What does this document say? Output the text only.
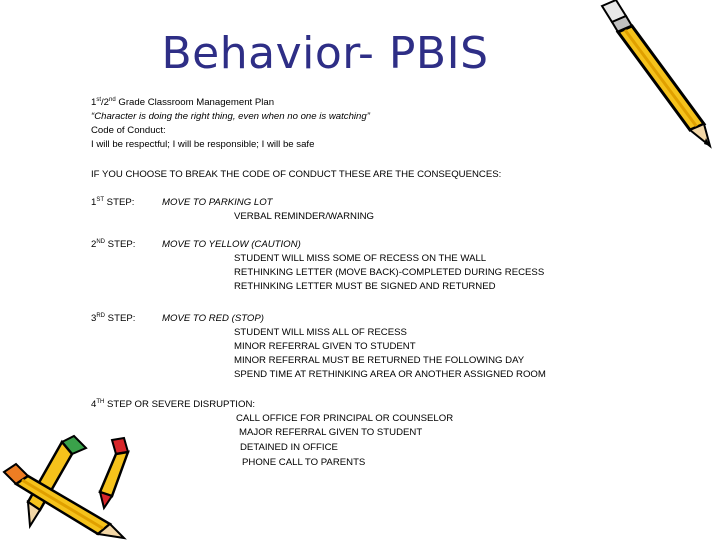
Behavior- PBIS
1st/2nd Grade Classroom Management Plan
“Character is doing the right thing, even when no one is watching”
Code of Conduct:
I will be respectful; I will be responsible; I will be safe
IF YOU CHOOSE TO BREAK THE CODE OF CONDUCT THESE ARE THE CONSEQUENCES:
1ST STEP:	MOVE TO PARKING LOT
VERBAL REMINDER/WARNING
2ND STEP:	MOVE TO YELLOW (CAUTION)
STUDENT WILL MISS SOME OF RECESS ON THE WALL
RETHINKING LETTER (MOVE BACK)-COMPLETED DURING RECESS
RETHINKING LETTER MUST BE SIGNED AND RETURNED
3RD STEP:	MOVE TO RED (STOP)
STUDENT WILL MISS ALL OF RECESS
MINOR REFERRAL GIVEN TO STUDENT
MINOR REFERRAL MUST BE RETURNED THE FOLLOWING DAY
SPEND TIME AT RETHINKING AREA OR ANOTHER ASSIGNED ROOM
4TH STEP OR SEVERE DISRUPTION:
CALL OFFICE FOR PRINCIPAL OR COUNSELOR
MAJOR REFERRAL GIVEN TO STUDENT
DETAINED IN OFFICE
PHONE CALL TO PARENTS
